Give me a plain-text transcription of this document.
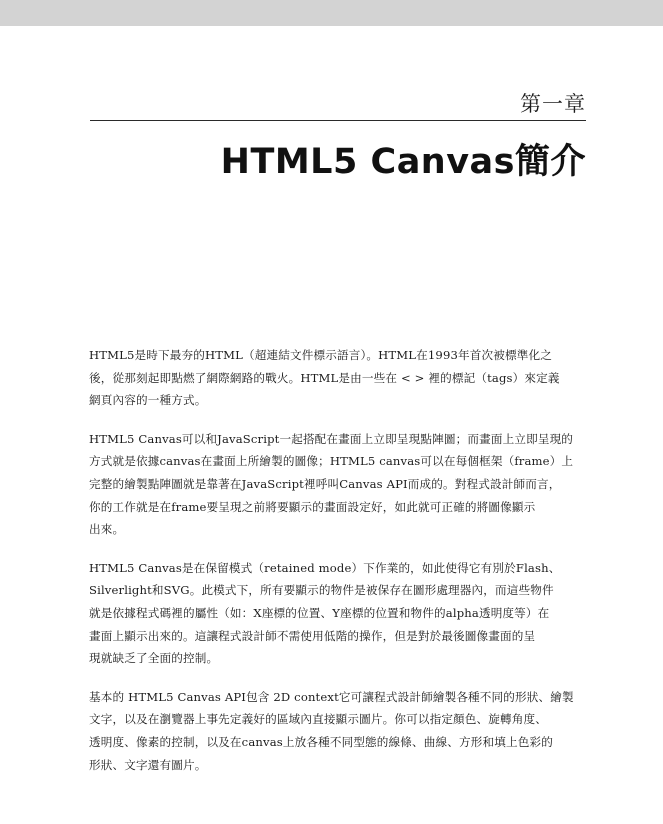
第一章
HTML5 Canvas簡介

HTML5是時下最夯的HTML（超連結文件標示語言）。HTML在1993年首次被標準化之
後，從那刻起即點燃了網際網路的戰火。HTML是由一些在 < > 裡的標記（tags）來定義
網頁內容的一種方式。

HTML5 Canvas可以和JavaScript一起搭配在畫面上立即呈現點陣圖；而畫面上立即呈現的
方式就是依據canvas在畫面上所繪製的圖像；HTML5 canvas可以在每個框架（frame）上
完整的繪製點陣圖就是靠著在JavaScript裡呼叫Canvas API而成的。對程式設計師而言，
你的工作就是在frame要呈現之前將要顯示的畫面設定好，如此就可正確的將圖像顯示
出來。

HTML5 Canvas是在保留模式（retained mode）下作業的，如此使得它有別於Flash、
Silverlight和SVG。此模式下，所有要顯示的物件是被保存在圖形處理器內，而這些物件
就是依據程式碼裡的屬性（如：X座標的位置、Y座標的位置和物件的alpha透明度等）在
畫面上顯示出來的。這讓程式設計師不需使用低階的操作，但是對於最後圖像畫面的呈
現就缺乏了全面的控制。

基本的 HTML5 Canvas API包含 2D context它可讓程式設計師繪製各種不同的形狀、繪製
文字，以及在瀏覽器上事先定義好的區域內直接顯示圖片。你可以指定顏色、旋轉角度、
透明度、像素的控制，以及在canvas上放各種不同型態的線條、曲線、方形和填上色彩的
形狀、文字還有圖片。
